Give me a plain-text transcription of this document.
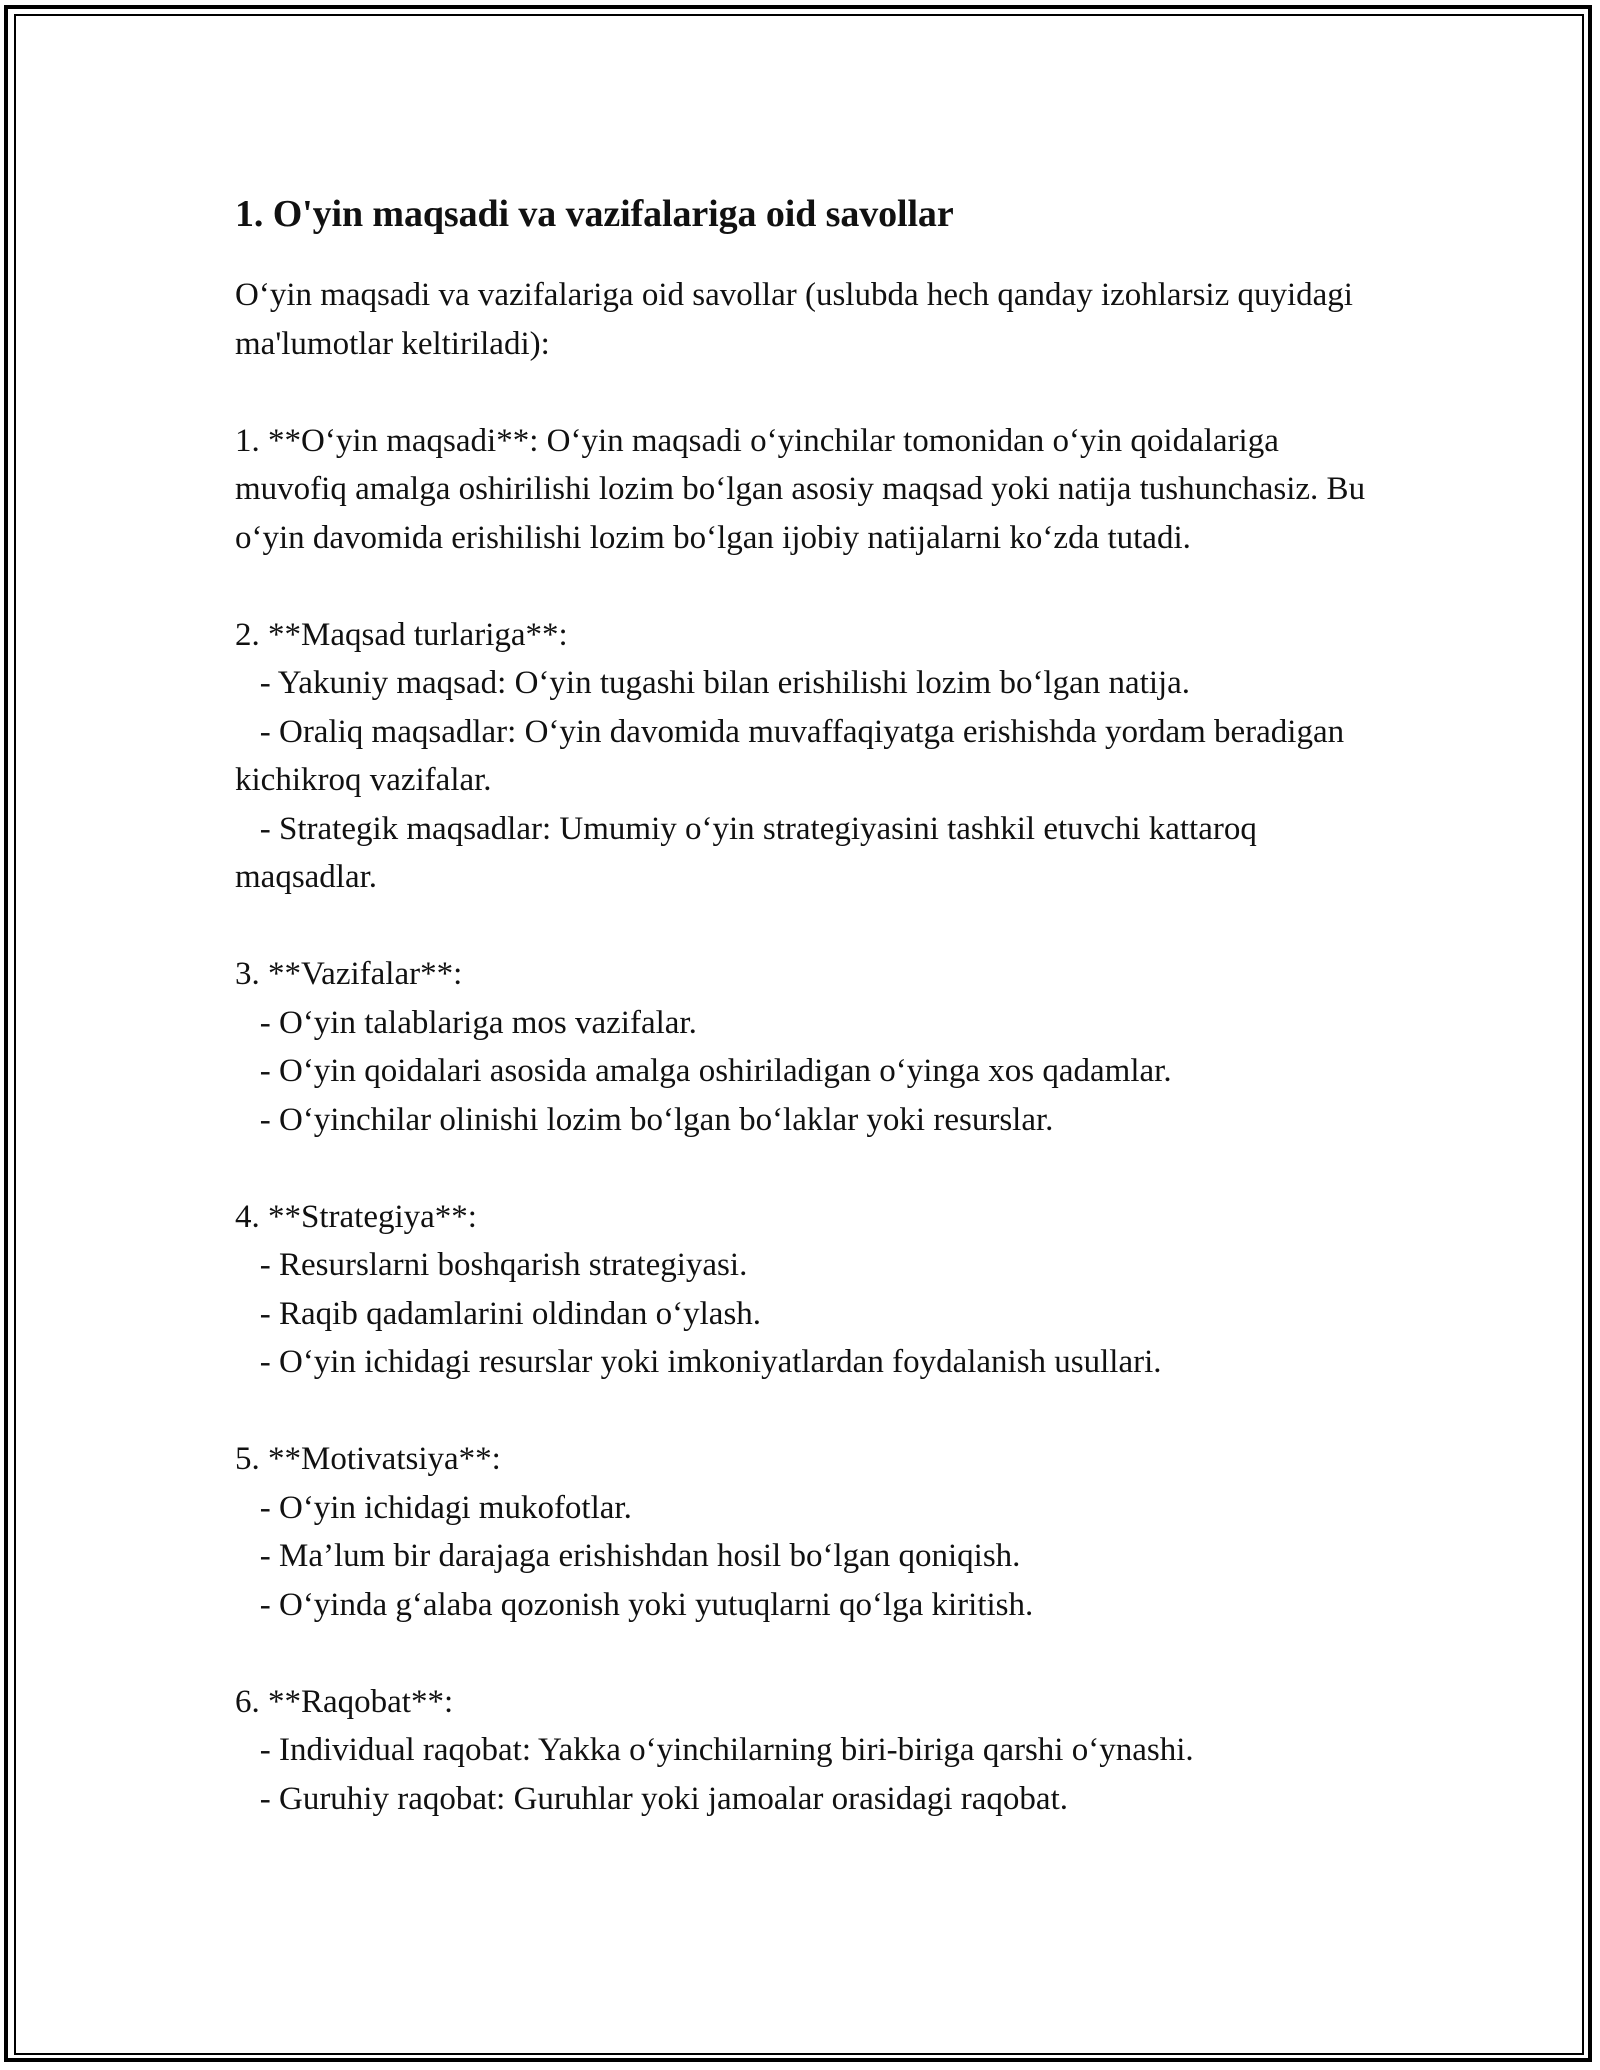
1. O'yin maqsadi va vazifalariga oid savollar

O‘yin maqsadi va vazifalariga oid savollar (uslubda hech qanday izohlarsiz quyidagi ma'lumotlar keltiriladi):

1. **O‘yin maqsadi**: O‘yin maqsadi o‘yinchilar tomonidan o‘yin qoidalariga muvofiq amalga oshirilishi lozim bo‘lgan asosiy maqsad yoki natija tushunchasiz. Bu o‘yin davomida erishilishi lozim bo‘lgan ijobiy natijalarni ko‘zda tutadi.

2. **Maqsad turlariga**:

- Yakuniy maqsad: O‘yin tugashi bilan erishilishi lozim bo‘lgan natija.

- Oraliq maqsadlar: O‘yin davomida muvaffaqiyatga erishishda yordam beradigan kichikroq vazifalar.

- Strategik maqsadlar: Umumiy o‘yin strategiyasini tashkil etuvchi kattaroq maqsadlar.

3. **Vazifalar**:

- O‘yin talablariga mos vazifalar.

- O‘yin qoidalari asosida amalga oshiriladigan o‘yinga xos qadamlar.

- O‘yinchilar olinishi lozim bo‘lgan bo‘laklar yoki resurslar.

4. **Strategiya**:

- Resurslarni boshqarish strategiyasi.

- Raqib qadamlarini oldindan o‘ylash.

- O‘yin ichidagi resurslar yoki imkoniyatlardan foydalanish usullari.

5. **Motivatsiya**:

- O‘yin ichidagi mukofotlar.

- Ma’lum bir darajaga erishishdan hosil bo‘lgan qoniqish.

- O‘yinda g‘alaba qozonish yoki yutuqlarni qo‘lga kiritish.

6. **Raqobat**:

- Individual raqobat: Yakka o‘yinchilarning biri-biriga qarshi o‘ynashi.

- Guruhiy raqobat: Guruhlar yoki jamoalar orasidagi raqobat.
